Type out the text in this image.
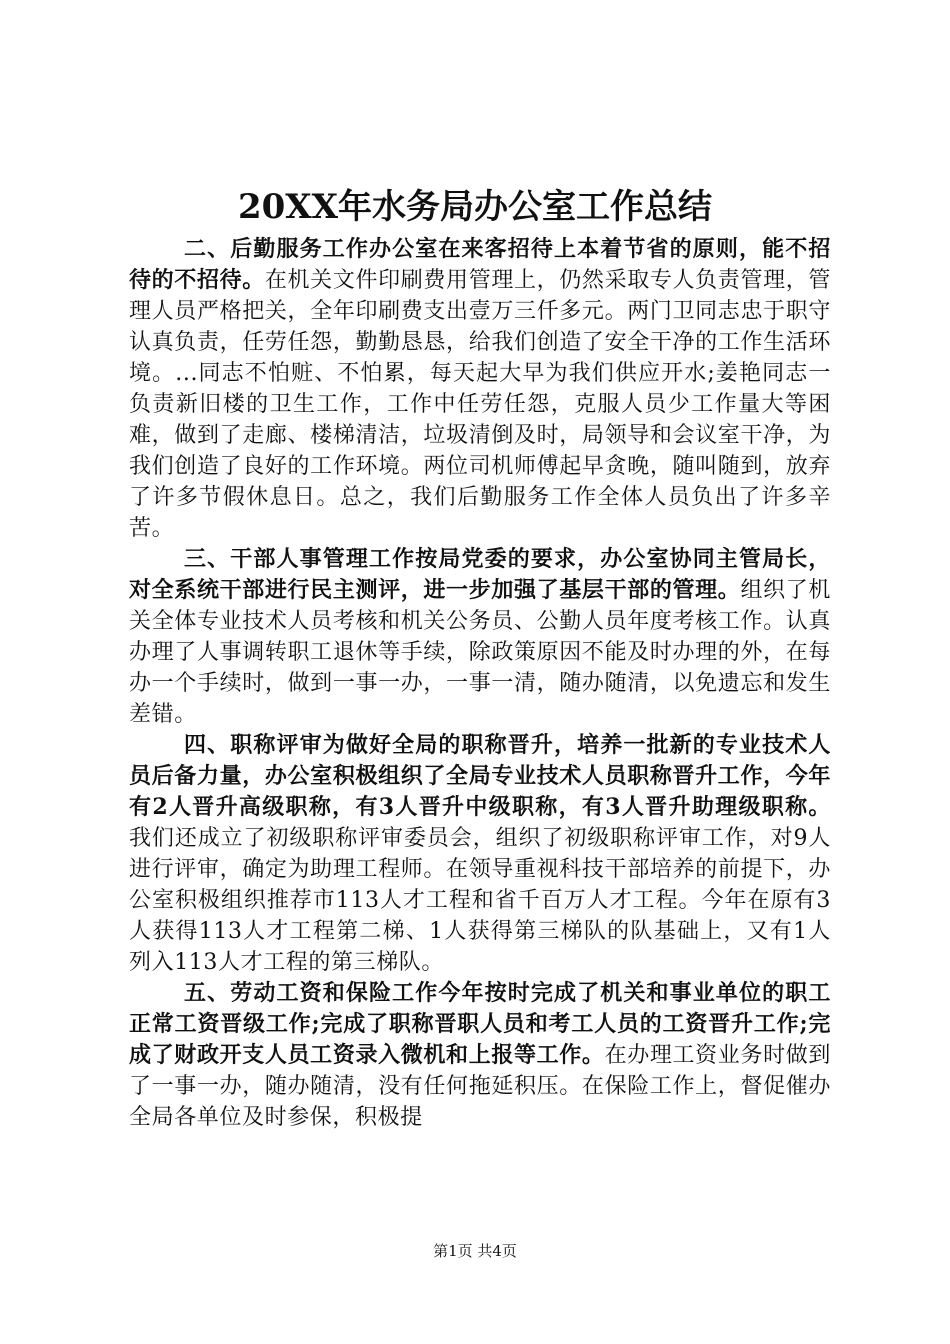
20XX年水务局办公室工作总结

二、后勤服务工作办公室在来客招待上本着节省的原则，能不招待的不招待。在机关文件印刷费用管理上，仍然采取专人负责管理，管理人员严格把关，全年印刷费支出壹万三仟多元。两门卫同志忠于职守认真负责，任劳任怨，勤勤恳恳，给我们创造了安全干净的工作生活环境。...同志不怕赃、不怕累，每天起大早为我们供应开水;姜艳同志一负责新旧楼的卫生工作，工作中任劳任怨，克服人员少工作量大等困难，做到了走廊、楼梯清洁，垃圾清倒及时，局领导和会议室干净，为我们创造了良好的工作环境。两位司机师傅起早贪晚，随叫随到，放弃了许多节假休息日。总之，我们后勤服务工作全体人员负出了许多辛苦。

三、干部人事管理工作按局党委的要求，办公室协同主管局长，对全系统干部进行民主测评，进一步加强了基层干部的管理。组织了机关全体专业技术人员考核和机关公务员、公勤人员年度考核工作。认真办理了人事调转职工退休等手续，除政策原因不能及时办理的外，在每办一个手续时，做到一事一办，一事一清，随办随清，以免遗忘和发生差错。

四、职称评审为做好全局的职称晋升，培养一批新的专业技术人员后备力量，办公室积极组织了全局专业技术人员职称晋升工作，今年有2人晋升高级职称，有3人晋升中级职称，有3人晋升助理级职称。我们还成立了初级职称评审委员会，组织了初级职称评审工作，对9人进行评审，确定为助理工程师。在领导重视科技干部培养的前提下，办公室积极组织推荐市113人才工程和省千百万人才工程。今年在原有3人获得113人才工程第二梯、1人获得第三梯队的队基础上，又有1人列入113人才工程的第三梯队。

五、劳动工资和保险工作今年按时完成了机关和事业单位的职工正常工资晋级工作;完成了职称晋职人员和考工人员的工资晋升工作;完成了财政开支人员工资录入微机和上报等工作。在办理工资业务时做到了一事一办，随办随清，没有任何拖延积压。在保险工作上，督促催办全局各单位及时参保，积极提

第1页 共4页
